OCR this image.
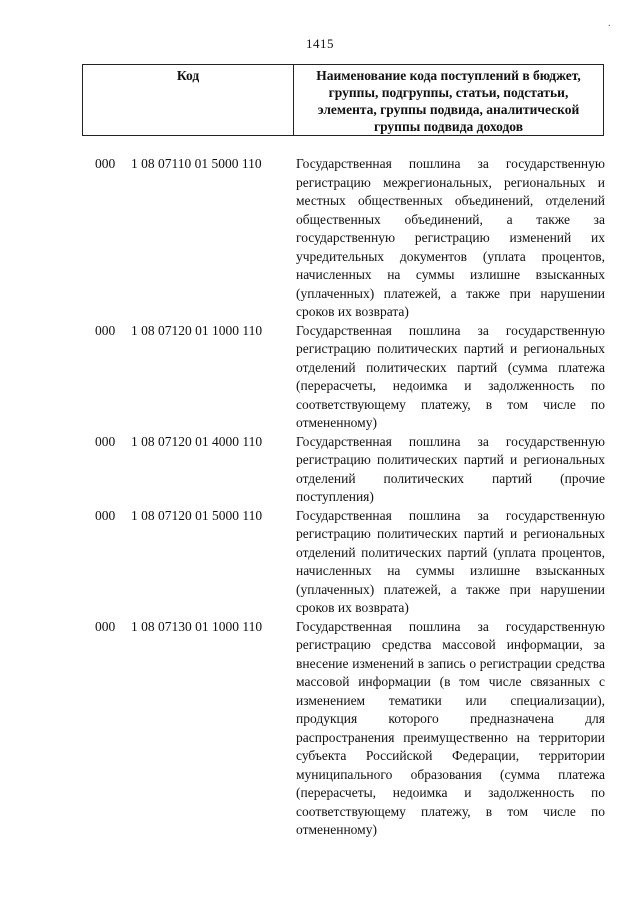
.
1415
Код	Наименование кода поступлений в бюджет, группы, подгруппы, статьи, подстатьи, элемента, группы подвида, аналитической группы подвида доходов
000	1 08 07110 01 5000 110	Государственная пошлина за государственную регистрацию межрегиональных, региональных и местных общественных объединений, отделений общественных объединений, а также за государственную регистрацию изменений их учредительных документов (уплата процентов, начисленных на суммы излишне взысканных (уплаченных) платежей, а также при нарушении сроков их возврата)
000	1 08 07120 01 1000 110	Государственная пошлина за государственную регистрацию политических партий и региональных отделений политических партий (сумма платежа (перерасчеты, недоимка и задолженность по соответствующему платежу, в том числе по отмененному)
000	1 08 07120 01 4000 110	Государственная пошлина за государственную регистрацию политических партий и региональных отделений политических партий (прочие поступления)
000	1 08 07120 01 5000 110	Государственная пошлина за государственную регистрацию политических партий и региональных отделений политических партий (уплата процентов, начисленных на суммы излишне взысканных (уплаченных) платежей, а также при нарушении сроков их возврата)
000	1 08 07130 01 1000 110	Государственная пошлина за государственную регистрацию средства массовой информации, за внесение изменений в запись о регистрации средства массовой информации (в том числе связанных с изменением тематики или специализации), продукция которого предназначена для распространения преимущественно на территории субъекта Российской Федерации, территории муниципального образования (сумма платежа (перерасчеты, недоимка и задолженность по соответствующему платежу, в том числе по отмененному)
